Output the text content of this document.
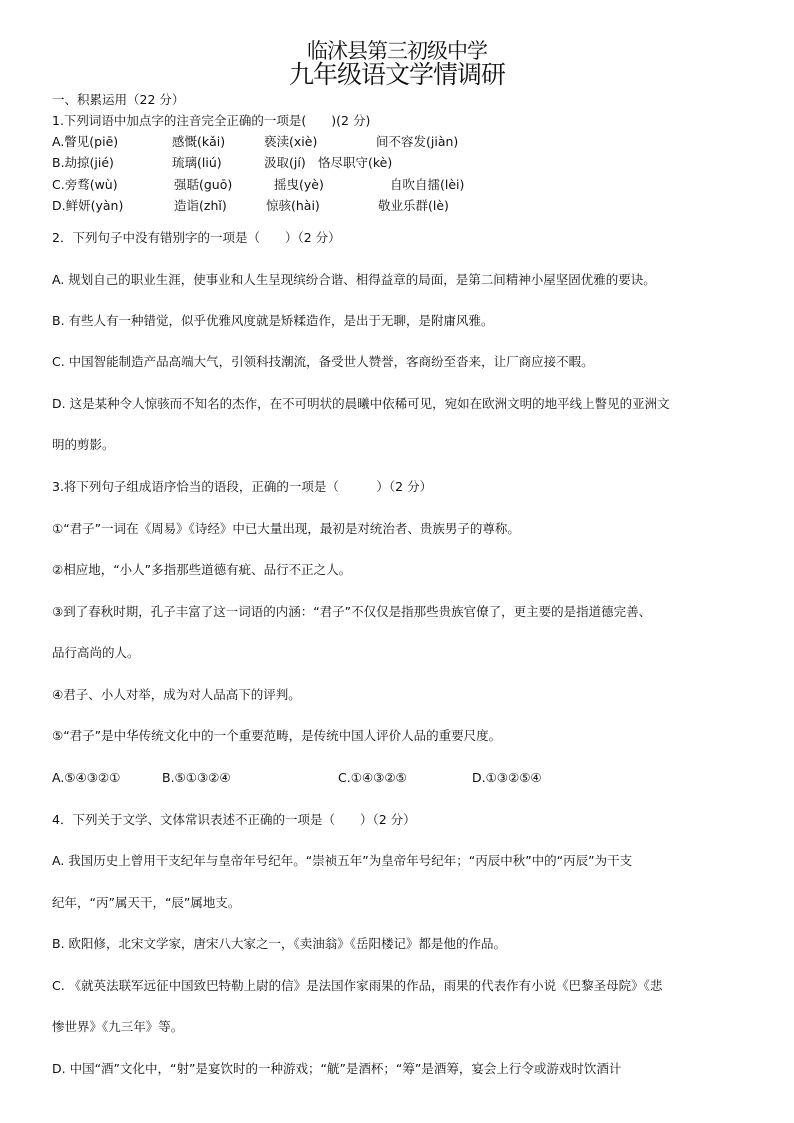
临沭县第三初级中学
九年级语文学情调研
一、积累运用（22 分）
1.下列词语中加点字的注音完全正确的一项是(　　)(2 分)
A.瞥见(piē)	感慨(kǎi)	亵渎(xiè)	间不容发(jiàn)
B.劫掠(jié)	琉璃(liú)	汲取(jí) 恪尽职守(kè)
C.旁骛(wù)	强聒(guō)	摇曳(yè)	自吹自擂(lèi)
D.鲜妍(yàn)	造诣(zhǐ)	惊骇(hài)	敬业乐群(lè)
2．下列句子中没有错别字的一项是（　　）（2 分）
A. 规划自己的职业生涯，使事业和人生呈现缤纷合谐、相得益章的局面，是第二间精神小屋坚固优雅的要诀。
B. 有些人有一种错觉，似乎优雅风度就是矫糅造作，是出于无聊，是附庸风雅。
C. 中国智能制造产品高端大气，引领科技潮流，备受世人赞誉，客商纷至沓来，让厂商应接不暇。
D. 这是某种令人惊骇而不知名的杰作，在不可明状的晨曦中依稀可见，宛如在欧洲文明的地平线上瞥见的亚洲文
明的剪影。
3.将下列句子组成语序恰当的语段，正确的一项是（　　　）（2 分）
①“君子”一词在《周易》《诗经》中已大量出现，最初是对统治者、贵族男子的尊称。
②相应地，“小人”多指那些道德有疵、品行不正之人。
③到了春秋时期，孔子丰富了这一词语的内涵：“君子”不仅仅是指那些贵族官僚了，更主要的是指道德完善、
品行高尚的人。
④君子、小人对举，成为对人品高下的评判。
⑤“君子”是中华传统文化中的一个重要范畴，是传统中国人评价人品的重要尺度。
A.⑤④③②①	B.⑤①③②④	C.①④③②⑤	D.①③②⑤④
4．下列关于文学、文体常识表述不正确的一项是（　　）（2 分）
A. 我国历史上曾用干支纪年与皇帝年号纪年。“崇祯五年”为皇帝年号纪年；“丙辰中秋”中的“丙辰”为干支
纪年，“丙”属天干，“辰”属地支。
B. 欧阳修，北宋文学家，唐宋八大家之一，《卖油翁》《岳阳楼记》都是他的作品。
C. 《就英法联军远征中国致巴特勒上尉的信》是法国作家雨果的作品，雨果的代表作有小说《巴黎圣母院》《悲
惨世界》《九三年》等。
D. 中国“酒”文化中，“射”是宴饮时的一种游戏；“觥”是酒杯；“筹”是酒筹，宴会上行令或游戏时饮酒计
